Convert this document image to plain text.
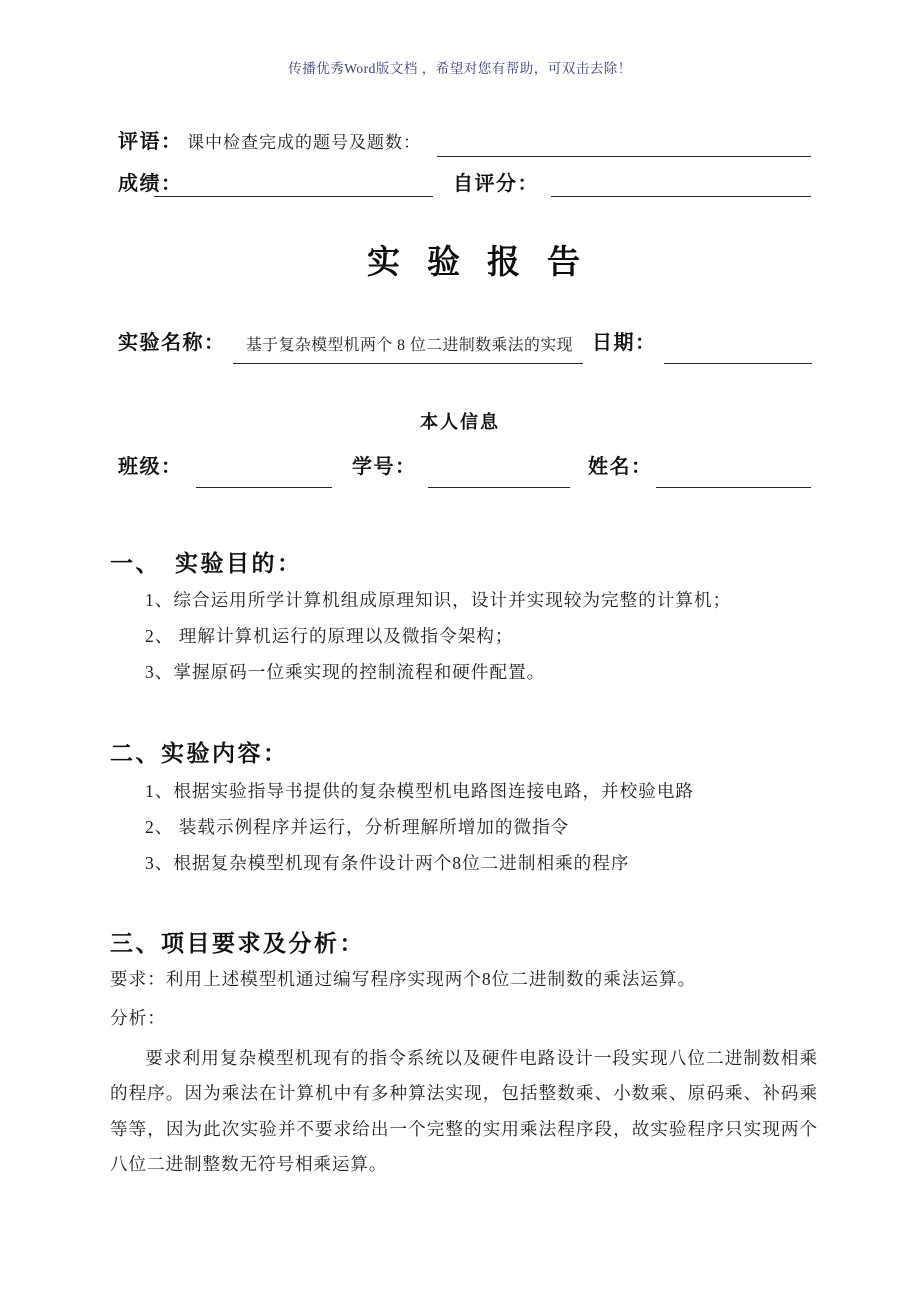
传播优秀Word版文档 ，希望对您有帮助，可双击去除！
评语： 课中检查完成的题号及题数：
成绩：	自评分：
实验报告
实验名称： 基于复杂模型机两个 8 位二进制数乘法的实现 日期：
本人信息
班级：	学号：	姓名：
一、　实验目的：
1、综合运用所学计算机组成原理知识，设计并实现较为完整的计算机；
2、 理解计算机运行的原理以及微指令架构；
3、掌握原码一位乘实现的控制流程和硬件配置。
二、实验内容：
1、根据实验指导书提供的复杂模型机电路图连接电路，并校验电路
2、 装载示例程序并运行，分析理解所增加的微指令
3、根据复杂模型机现有条件设计两个8位二进制相乘的程序
三、项目要求及分析：
要求：利用上述模型机通过编写程序实现两个8位二进制数的乘法运算。
分析：
要求利用复杂模型机现有的指令系统以及硬件电路设计一段实现八位二进制数相乘的程序。因为乘法在计算机中有多种算法实现，包括整数乘、小数乘、原码乘、补码乘等等，因为此次实验并不要求给出一个完整的实用乘法程序段，故实验程序只实现两个八位二进制整数无符号相乘运算。
